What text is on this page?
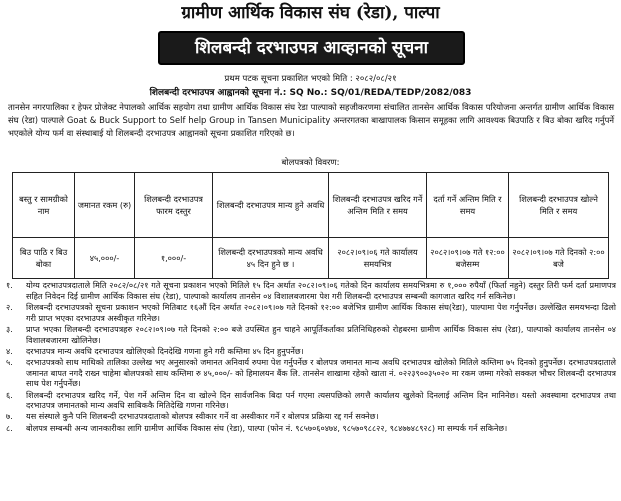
ग्रामीण आर्थिक विकास संघ (रेडा), पाल्पा
शिलबन्दी दरभाउपत्र आव्हानको सूचना
प्रथम पटक सूचना प्रकाशित भएको मिति : २०८२/०८/२१
शिलबन्दी दरभाउपत्र आह्वानको सूचना नं.: SQ No.: SQ/01/REDA/TEDP/2082/083
तानसेन नगरपालिका र हेफर प्रोजेक्ट नेपालको आर्थिक सहयोग तथा ग्रामीण आर्थिक विकास संघ रेडा पाल्पाको सहजीकरणमा संचालित तानसेन आर्थिक विकास परियोजना अन्तर्गत ग्रामीण आर्थिक विकास संघ (रेडा) पाल्पाले Goat & Buck Support to Self help Group in Tansen Municipality अन्तरगतका बाखापालक किसान समूहका लागि आवश्यक बिउपाठि र बिउ बोका खरिद गर्नुपर्ने भएकोले योग्य फर्म वा संस्थाबाई यो शिलबन्दी दरभाउपत्र आह्वानको सूचना प्रकाशित गरिएको छ।
बोलपत्रको विवरण:
बस्तु र सामग्रीको नाम	जमानत रकम (रु)	शिलबन्दी दरभाउपत्र फारम दस्तुर	शिलबन्दी दरभाउपत्र मान्य हुने अवधि	शिलबन्दी दरभाउपत्र खरिद गर्ने अन्तिम मिति र समय	दर्ता गर्ने अन्तिम मिति र समय	शिलबन्दी दरभाउपत्र खोल्ने मिति र समय
बिउ पाठि र बिउ बोका	४५,०००/-	१,०००/-	शिलबन्दी दरभाउपत्रको मान्य अवधि ४५ दिन हुने छ ।	२०८२।०९।०६ गते कार्यालय समयभित्र	२०८२।०९।०७ गते १२:०० बजेसम्म	२०८२।०९।०७ गते दिनको २:०० बजे
१.	योग्य दरभाउपत्रदाताले मिति २०८२/०८/२१ गते सूचना प्रकाशन भएको मितिले १५ दिन अर्थात २०८२।०९।०६ गतेको दिन कार्यालय समयभित्रमा रु १,००० रुपैयाँ (फिर्ता नहुने) दस्तुर तिरी फर्म दर्ता प्रमाणपत्र सहित निवेदन दिई ग्रामीण आर्थिक विकास संघ (रेडा), पाल्पाको कार्यालय तानसेन ०४ विशालबजारमा पेश गरी शिलबन्दी दरभाउपत्र सम्बन्धी कागजात खरिद गर्न सकिनेछ।
२.	शिलबन्दी दरभाउपत्रको सूचना प्रकाशन भएको मितिबाट १६औं दिन अर्थात २०८२।०९।०७ गते दिनको १२:०० बजेभित्र ग्रामीण आर्थिक विकास संघ(रेडा), पाल्पामा पेश गर्नुपर्नेछ। उल्लेखित समयभन्दा ढिलो गरी प्राप्त भएका दरभाउपत्र अस्वीकृत गरिनेछ।
३.	प्राप्त भएका शिलबन्दी दरभाउपत्रहरु २०८२।०९।०७ गते दिनको २:०० बजे उपस्थित हुन चाहने आपूर्तिकर्ताका प्रतिनिधिहरुको रोहबरमा ग्रामीण आर्थिक विकास संघ (रेडा), पाल्पाको कार्यालय तानसेन ०४ विशालबजारमा खोलिनेछ।
४.	दरभाउपत्र मान्य अवधि दरभाउपत्र खोलिएको दिनदेखि गणना हुने गरी कम्तिमा ४५ दिन हुनुपर्नेछ।
५.	दरभाउपत्रको साथ माथिको तालिका उल्लेख भए अनुसारको जमानत अनिवार्य रुपमा पेश गर्नुपर्नेछ र बोलपत्र जमानत मान्य अवधि दरभाउपत्र खोलेको मितिले कम्तिमा ७५ दिनको हुनुपर्नेछ। दरभाउपत्रदाताले जमानत बापत नगदै राख्न चाहेमा बोलपत्रको साथ कम्तिमा रु ४५,०००/- को हिमालयन बैंक लि. तानसेन शाखामा रहेको खाता नं. ०२२३९००३५०२० मा रकम जम्मा गरेको सक्कल भौचर शिलबन्दी दरभाउपत्र साथ पेश गर्नुपर्नेछ।
६.	शिलबन्दी दरभाउपत्र खरिद गर्ने, पेश गर्ने अन्तिम दिन वा खोल्ने दिन सार्वजनिक बिदा पर्न गएमा त्यसपछिको लगत्तै कार्यालय खुलेको दिनलाई अन्तिम दिन मानिनेछ। यस्तो अवस्थामा दरभाउपत्र तथा दरभाउपत्र जमानतको मान्य अवधि साबिककै मितिदेखि गणना गरिनेछ।
७.	यस संस्थाले कुनै पनि शिलबन्दी दरभाउपत्रदाताको बोलपत्र स्वीकार गर्ने वा अस्वीकार गर्ने र बोलपत्र प्रक्रिया रद्द गर्न सक्नेछ।
८.	बोलपत्र सम्बन्धी अन्य जानकारीका लागि ग्रामीण आर्थिक विकास संघ (रेडा), पाल्पा (फोन नं. ९८५७०६०४७४, ९८५७०९८८२२, ९८४७७४८९२८) मा सम्पर्क गर्न सकिनेछ।
